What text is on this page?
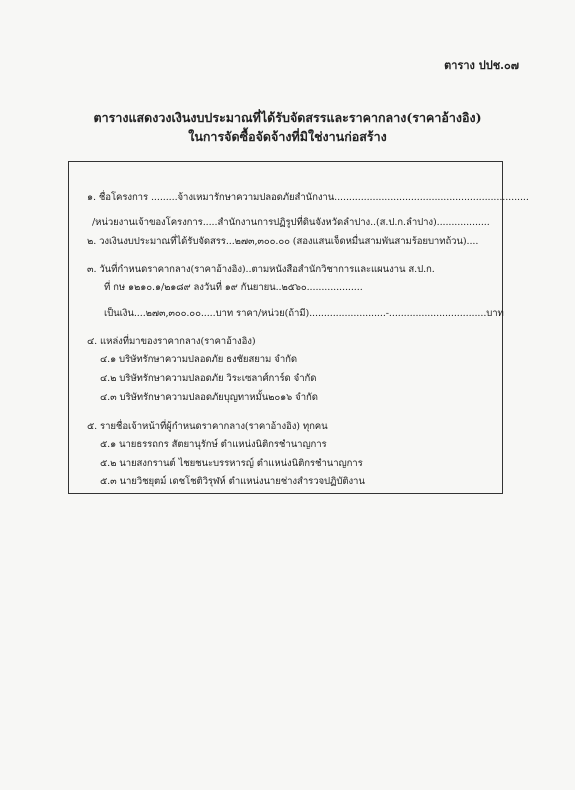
ตาราง ปปช.๐๗
ตารางแสดงวงเงินงบประมาณที่ได้รับจัดสรรและราคากลาง(ราคาอ้างอิง)
ในการจัดซื้อจัดจ้างที่มิใช่งานก่อสร้าง
๑. ชื่อโครงการ .........จ้างเหมารักษาความปลอดภัยสำนักงาน..................................................................
/หน่วยงานเจ้าของโครงการ.....สำนักงานการปฏิรูปที่ดินจังหวัดลำปาง..(ส.ป.ก.ลำปาง)..................
๒. วงเงินงบประมาณที่ได้รับจัดสรร...๒๗๓,๓๐๐.๐๐ (สองแสนเจ็ดหมื่นสามพันสามร้อยบาทถ้วน)....
๓. วันที่กำหนดราคากลาง(ราคาอ้างอิง)..ตามหนังสือสำนักวิชาการและแผนงาน ส.ป.ก.
ที่ กษ ๑๒๑๐.๑/๒๑๘๙ ลงวันที่ ๑๙ กันยายน..๒๕๖๐...................
เป็นเงิน....๒๗๓,๓๐๐.๐๐.....บาท ราคา/หน่วย(ถ้ามี)..........................-.................................บาท
๔. แหล่งที่มาของราคากลาง(ราคาอ้างอิง)
๔.๑ บริษัทรักษาความปลอดภัย ธงชัยสยาม จำกัด
๔.๒ บริษัทรักษาความปลอดภัย วิระเซลาศ์การ์ด จำกัด
๔.๓ บริษัทรักษาความปลอดภัยบุญทาหมั้น๒๐๑๖ จำกัด
๕. รายชื่อเจ้าหน้าที่ผู้กำหนดราคากลาง(ราคาอ้างอิง) ทุกคน
๕.๑ นายธรรถกร สัตยานุรักษ์ ตำแหน่งนิติกรชำนาญการ
๕.๒ นายสงกรานต์ ไชยชนะบรรหารญ์ ตำแหน่งนิติกรชำนาญการ
๕.๓ นายวิชยุตม์ เดชโชติวิรุฬห์ ตำแหน่งนายช่างสำรวจปฏิบัติงาน
